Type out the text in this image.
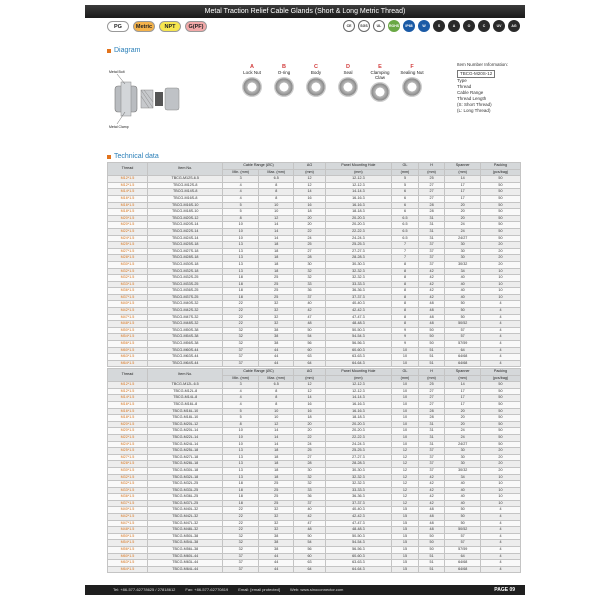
Metal Traction Relief Cable Glands (Short & Long Metric Thread)
PG	Metric	NPT	G(PF)	CE	SGS	UL	ROHS	IP68	W	S	A	O	C	UV	AG
Diagram
Metal Bolt
Metal Clamp
A
Lock Nut
B
O-ring
C
Body
D
Seal
E
Clamping Claw
F
Sealing Nut
Item Number Information:
TBCG-M20S-12
Type
Thread
Cable Range
Thread Length
(S: Short Thread)
(L: Long Thread)
Technical data
Thread	Item No.	Cable Range (ØC)		AG	Panel Mounting Hole	GL	H	Spanner	Packing
		Min. (mm)	Max. (mm)	(mm)	(mm)	(mm)	(mm)	(mm)	(pcs/bag)
M12*1.5	TBCG-M12S-6.5	3	6.5	12	12-12.3	5	25	14	50
M12*1.5	TBCG-M12S-8	4	8	12	12-12.3	5	27	17	50
M14*1.5	TBCG-M14S-8	4	8	14	14-14.3	6	27	17	50
M16*1.5	TBCG-M16S-8	4	8	16	16-16.3	6	27	17	50
M16*1.5	TBCG-M16S-10	5	10	16	16-16.3	6	28	20	50
M18*1.5	TBCG-M18S-10	5	10	18	18-18.3	6	28	20	50
M20*1.5	TBCG-M20S-12	8	12	20	20-20.3	6.5	31	20	50
M20*1.5	TBCG-M20S-14	10	14	20	20-20.3	6.5	31	24	50
M22*1.5	TBCG-M22S-14	10	14	22	22-22.3	6.5	31	24	50
M24*1.5	TBCG-M24S-14	10	14	24	24-24.3	6.5	31	24/27	50
M25*1.5	TBCG-M25S-18	13	18	25	25-25.3	7	37	30	20
M27*1.5	TBCG-M27S-18	13	18	27	27-27.3	7	37	30	20
M28*1.5	TBCG-M28S-18	13	18	28	28-28.3	7	37	30	20
M30*1.5	TBCG-M30S-18	13	18	30	30-30.3	8	37	30/32	20
M32*1.5	TBCG-M32S-18	13	18	32	32-32.3	8	42	34	10
M32*1.5	TBCG-M32S-25	18	25	32	32-32.3	8	42	40	10
M33*1.5	TBCG-M33S-25	18	25	33	33-33.3	8	42	40	10
M36*1.5	TBCG-M36S-25	18	25	36	36-36.3	8	42	40	10
M37*1.5	TBCG-M37S-25	18	25	37	37-37.3	8	42	40	10
M40*1.5	TBCG-M40S-32	22	32	40	40-40.3	8	48	50	4
M42*1.5	TBCG-M42S-32	22	32	42	42-42.3	8	48	50	4
M47*1.5	TBCG-M47S-32	22	32	47	47-47.3	8	48	50	4
M48*1.5	TBCG-M48S-32	22	32	48	48-48.3	8	48	50/52	4
M50*1.5	TBCG-M50S-38	32	38	50	50-50.3	9	50	57	4
M54*1.5	TBCG-M54S-38	32	38	54	54-54.3	9	50	57	4
M56*1.5	TBCG-M56S-38	32	38	56	56-56.3	9	50	57/59	4
M60*1.5	TBCG-M60S-44	37	44	60	60-60.3	10	51	64	4
M63*1.5	TBCG-M63S-44	37	44	63	63-63.3	10	51	64/68	4
M64*1.5	TBCG-M64S-44	37	44	64	64-64.3	10	51	64/68	4
Thread	Item No.	Cable Range (ØC)		AG	Panel Mounting Hole	GL	H	Spanner	Packing
		Min. (mm)	Max. (mm)	(mm)	(mm)	(mm)	(mm)	(mm)	(pcs/bag)
M12*1.5	TBCG-M12L-6.5	3	6.5	12	12-12.3	10	25	14	50
M12*1.5	TBCG-M12L-8	4	8	12	12-12.3	10	27	17	50
M14*1.5	TBCG-M14L-8	4	8	14	14-14.3	10	27	17	50
M16*1.5	TBCG-M16L-8	4	8	16	16-16.3	10	27	17	50
M16*1.5	TBCG-M16L-10	5	10	16	16-16.3	10	28	20	50
M18*1.5	TBCG-M18L-10	5	10	18	18-18.3	10	28	20	50
M20*1.5	TBCG-M20L-12	8	12	20	20-20.3	10	31	20	50
M20*1.5	TBCG-M20L-14	10	14	20	20-20.3	10	31	24	50
M22*1.5	TBCG-M22L-14	10	14	22	22-22.3	10	31	24	50
M24*1.5	TBCG-M24L-14	10	14	24	24-24.3	10	31	24/27	50
M25*1.5	TBCG-M25L-18	13	18	25	25-25.3	12	37	30	20
M27*1.5	TBCG-M27L-18	13	18	27	27-27.3	12	37	30	20
M28*1.5	TBCG-M28L-18	13	18	28	28-28.3	12	37	30	20
M30*1.5	TBCG-M30L-18	13	18	30	30-30.3	12	37	30/32	20
M32*1.5	TBCG-M32L-18	13	18	32	32-32.3	12	42	34	10
M32*1.5	TBCG-M32L-25	18	25	32	32-32.3	12	42	40	10
M33*1.5	TBCG-M33L-25	18	25	33	33-33.3	12	42	40	10
M36*1.5	TBCG-M36L-25	18	25	36	36-36.3	12	42	40	10
M37*1.5	TBCG-M37L-25	18	25	37	37-37.3	12	42	40	10
M40*1.5	TBCG-M40L-32	22	32	40	40-40.3	15	48	50	4
M42*1.5	TBCG-M42L-32	22	32	42	42-42.3	15	48	50	4
M47*1.5	TBCG-M47L-32	22	32	47	47-47.3	15	48	50	4
M48*1.5	TBCG-M48L-32	22	32	48	48-48.3	15	48	50/52	4
M50*1.5	TBCG-M50L-38	32	38	50	50-50.3	15	50	57	4
M54*1.5	TBCG-M54L-38	32	38	54	54-54.3	15	50	57	4
M56*1.5	TBCG-M56L-38	32	38	56	56-56.3	15	50	57/59	4
M60*1.5	TBCG-M60L-44	37	44	60	60-60.3	15	51	64	4
M63*1.5	TBCG-M63L-44	37	44	63	63-63.3	15	51	64/68	4
M64*1.5	TBCG-M64L-44	37	44	64	64-64.3	15	51	64/68	4
Tel: +86-577-62778625 / 27818612	Fax: +86-577-62770819	Email: [email protected]	Web: www.sinoconnector.com	PAGE 09
